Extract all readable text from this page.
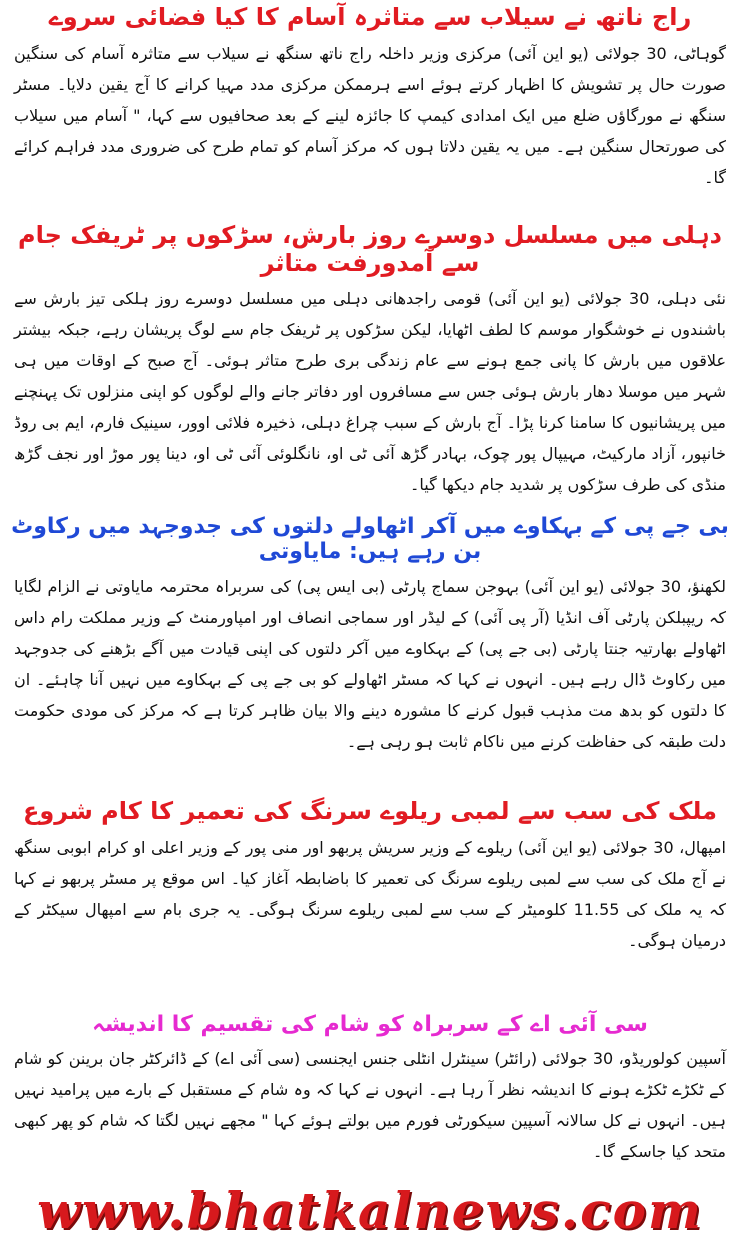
راج ناتھ نے سیلاب سے متاثرہ آسام کا کیا فضائی سروے

گوہاٹی، 30 جولائی (یو این آئی) مرکزی وزیر داخلہ راج ناتھ سنگھ نے سیلاب سے متاثرہ آسام کی سنگین صورت حال پر تشویش کا اظہار کرتے ہوئے اسے ہرممکن مرکزی مدد مہیا کرانے کا آج یقین دلایا۔ مسٹر سنگھ نے مورگاؤں ضلع میں ایک امدادی کیمپ کا جائزہ لینے کے بعد صحافیوں سے کہا، " آسام میں سیلاب کی صورتحال سنگین ہے۔ میں یہ یقین دلاتا ہوں کہ مرکز آسام کو تمام طرح کی ضروری مدد فراہم کرائے گا۔

دہلی میں مسلسل دوسرے روز بارش، سڑکوں پر ٹریفک جام سے آمدورفت متاثر

نئی دہلی، 30 جولائی (یو این آئی) قومی راجدھانی دہلی میں مسلسل دوسرے روز ہلکی تیز بارش سے باشندوں نے خوشگوار موسم کا لطف اٹھایا، لیکن سڑکوں پر ٹریفک جام سے لوگ پریشان رہے، جبکہ بیشتر علاقوں میں بارش کا پانی جمع ہونے سے عام زندگی بری طرح متاثر ہوئی۔ آج صبح کے اوقات میں ہی شہر میں موسلا دھار بارش ہوئی جس سے مسافروں اور دفاتر جانے والے لوگوں کو اپنی منزلوں تک پہنچنے میں پریشانیوں کا سامنا کرنا پڑا۔ آج بارش کے سبب چراغ دہلی، ذخیرہ فلائی اوور، سینیک فارم، ایم بی روڈ خانپور، آزاد مارکیٹ، مہیپال پور چوک، بہادر گڑھ آئی ٹی او، نانگلوئی آئی ٹی او، دینا پور موڑ اور نجف گڑھ منڈی کی طرف سڑکوں پر شدید جام دیکھا گیا۔

بی جے پی کے بہکاوے میں آکر اٹھاولے دلتوں کی جدوجہد میں رکاوٹ بن رہے ہیں: مایاوتی

لکھنؤ، 30 جولائی (یو این آئی) بہوجن سماج پارٹی (بی ایس پی) کی سربراہ محترمہ مایاوتی نے الزام لگایا کہ ریپبلکن پارٹی آف انڈیا (آر پی آئی) کے لیڈر اور سماجی انصاف اور امپاورمنٹ کے وزیر مملکت رام داس اٹھاولے بھارتیہ جنتا پارٹی (بی جے پی) کے بہکاوے میں آکر دلتوں کی اپنی قیادت میں آگے بڑھنے کی جدوجہد میں رکاوٹ ڈال رہے ہیں۔ انہوں نے کہا کہ مسٹر اٹھاولے کو بی جے پی کے بہکاوے میں نہیں آنا چاہئے۔ ان کا دلتوں کو بدھ مت مذہب قبول کرنے کا مشورہ دینے والا بیان ظاہر کرتا ہے کہ مرکز کی مودی حکومت دلت طبقہ کی حفاظت کرنے میں ناکام ثابت ہو رہی ہے۔

ملک کی سب سے لمبی ریلوے سرنگ کی تعمیر کا کام شروع

امپھال، 30 جولائی (یو این آئی) ریلوے کے وزیر سریش پربھو اور منی پور کے وزیر اعلی او کرام ابوبی سنگھ نے آج ملک کی سب سے لمبی ریلوے سرنگ کی تعمیر کا باضابطہ آغاز کیا۔ اس موقع پر مسٹر پربھو نے کہا کہ یہ ملک کی 11.55 کلومیٹر کے سب سے لمبی ریلوے سرنگ ہوگی۔ یہ جری بام سے امپھال سیکٹر کے درمیان ہوگی۔

سی آئی اے کے سربراہ کو شام کی تقسیم کا اندیشہ

آسپین کولوریڈو، 30 جولائی (رائٹر) سینٹرل انٹلی جنس ایجنسی (سی آئی اے) کے ڈائرکٹر جان برینن کو شام کے ٹکڑے ٹکڑے ہونے کا اندیشہ نظر آ رہا ہے۔ انہوں نے کہا کہ وہ شام کے مستقبل کے بارے میں پرامید نہیں ہیں۔ انہوں نے کل سالانہ آسپین سیکورٹی فورم میں بولتے ہوئے کہا " مجھے نہیں لگتا کہ شام کو پھر کبھی متحد کیا جاسکے گا۔

www.bhatkalnews.com
